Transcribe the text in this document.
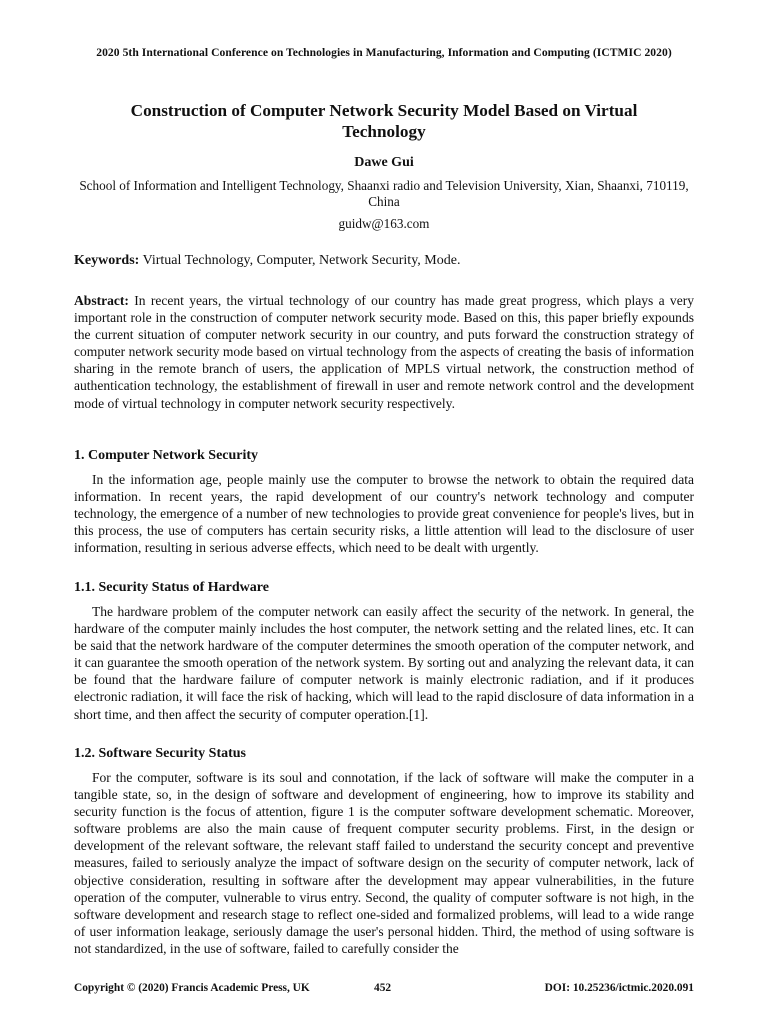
2020 5th International Conference on Technologies in Manufacturing, Information and Computing (ICTMIC 2020)
Construction of Computer Network Security Model Based on Virtual Technology
Dawe Gui
School of Information and Intelligent Technology, Shaanxi radio and Television University, Xian, Shaanxi, 710119, China
guidw@163.com
Keywords: Virtual Technology, Computer, Network Security, Mode.
Abstract: In recent years, the virtual technology of our country has made great progress, which plays a very important role in the construction of computer network security mode. Based on this, this paper briefly expounds the current situation of computer network security in our country, and puts forward the construction strategy of computer network security mode based on virtual technology from the aspects of creating the basis of information sharing in the remote branch of users, the application of MPLS virtual network, the construction method of authentication technology, the establishment of firewall in user and remote network control and the development mode of virtual technology in computer network security respectively.
1. Computer Network Security
In the information age, people mainly use the computer to browse the network to obtain the required data information. In recent years, the rapid development of our country's network technology and computer technology, the emergence of a number of new technologies to provide great convenience for people's lives, but in this process, the use of computers has certain security risks, a little attention will lead to the disclosure of user information, resulting in serious adverse effects, which need to be dealt with urgently.
1.1. Security Status of Hardware
The hardware problem of the computer network can easily affect the security of the network. In general, the hardware of the computer mainly includes the host computer, the network setting and the related lines, etc. It can be said that the network hardware of the computer determines the smooth operation of the computer network, and it can guarantee the smooth operation of the network system. By sorting out and analyzing the relevant data, it can be found that the hardware failure of computer network is mainly electronic radiation, and if it produces electronic radiation, it will face the risk of hacking, which will lead to the rapid disclosure of data information in a short time, and then affect the security of computer operation.[1].
1.2. Software Security Status
For the computer, software is its soul and connotation, if the lack of software will make the computer in a tangible state, so, in the design of software and development of engineering, how to improve its stability and security function is the focus of attention, figure 1 is the computer software development schematic. Moreover, software problems are also the main cause of frequent computer security problems. First, in the design or development of the relevant software, the relevant staff failed to understand the security concept and preventive measures, failed to seriously analyze the impact of software design on the security of computer network, lack of objective consideration, resulting in software after the development may appear vulnerabilities, in the future operation of the computer, vulnerable to virus entry. Second, the quality of computer software is not high, in the software development and research stage to reflect one-sided and formalized problems, will lead to a wide range of user information leakage, seriously damage the user's personal hidden. Third, the method of using software is not standardized, in the use of software, failed to carefully consider the
Copyright © (2020) Francis Academic Press, UK	452	DOI: 10.25236/ictmic.2020.091
